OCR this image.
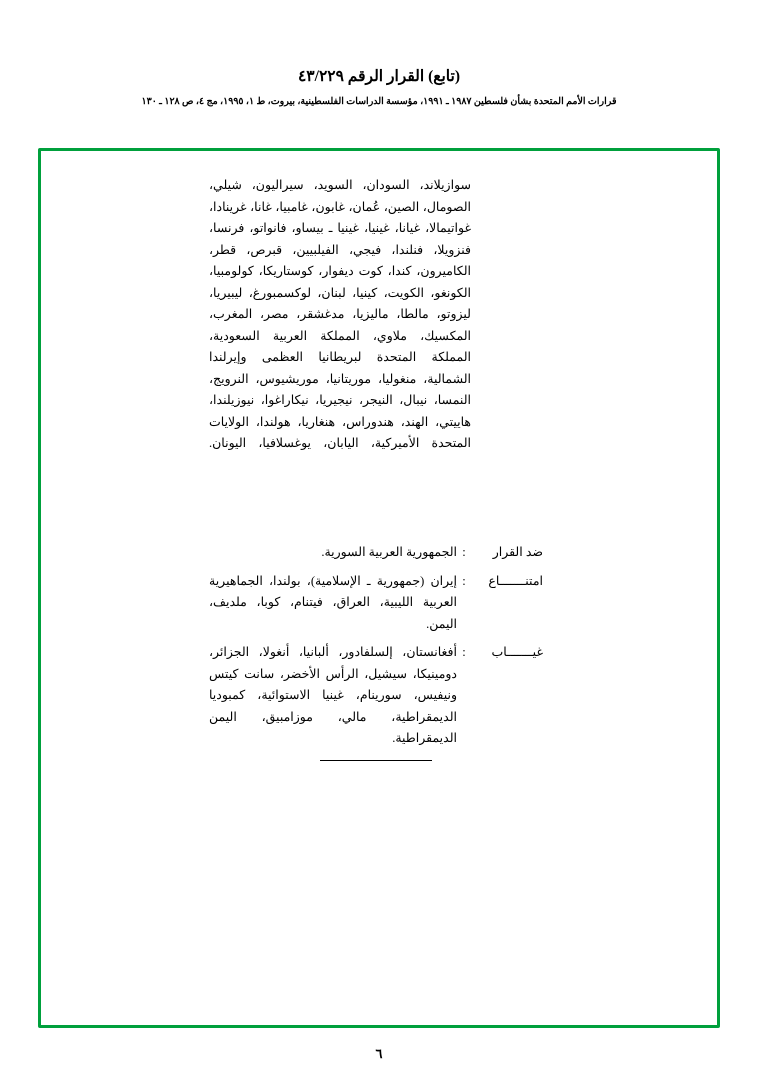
(تابع) القرار الرقم ٤٣/٢٢٩
قرارات الأمم المتحدة بشأن فلسطين ١٩٨٧ ـ ١٩٩١، مؤسسة الدراسات الفلسطينية، بيروت، ط ١، ١٩٩٥، مج ٤، ص ١٢٨ ـ ١٣٠
سوازيلاند، السودان، السويد، سيراليون، شيلي، الصومال، الصين، عُمان، غابون، غامبيا، غانا، غرينادا، غواتيمالا، غيانا، غينيا، غينيا ـ بيساو، فانواتو، فرنسا، فنزويلا، فنلندا، فيجي، الفيلبيين، قبرص، قطر، الكاميرون، كندا، كوت ديفوار، كوستاريكا، كولومبيا، الكونغو، الكويت، كينيا، لبنان، لوكسمبورغ، ليبيريا، ليزوتو، مالطا، ماليزيا، مدغشقر، مصر، المغرب، المكسيك، ملاوي، المملكة العربية السعودية، المملكة المتحدة لبريطانيا العظمى وإيرلندا الشمالية، منغوليا، موريتانيا، موريشيوس، النرويج، النمسا، نيبال، النيجر، نيجيريا، نيكاراغوا، نيوزيلندا، هاييتي، الهند، هندوراس، هنغاريا، هولندا، الولايات المتحدة الأميركية، اليابان، يوغسلافيا، اليونان.
ضد القرار
:
الجمهورية العربية السورية.
امتنـــــــاع
:
إيران (جمهورية ـ الإسلامية)، بولندا، الجماهيرية العربية الليبية، العراق، فيتنام، كوبا، ملديف،
اليمن.
غيـــــــاب
:
أفغانستان، إلسلفادور، ألبانيا، أنغولا، الجزائر، دومينيكا، سيشيل، الرأس الأخضر، سانت كيتس ونيفيس، سورينام، غينيا الاستوائية، كمبوديا
الديمقراطية، مالي، موزامبيق، اليمن الديمقراطية.
٦
